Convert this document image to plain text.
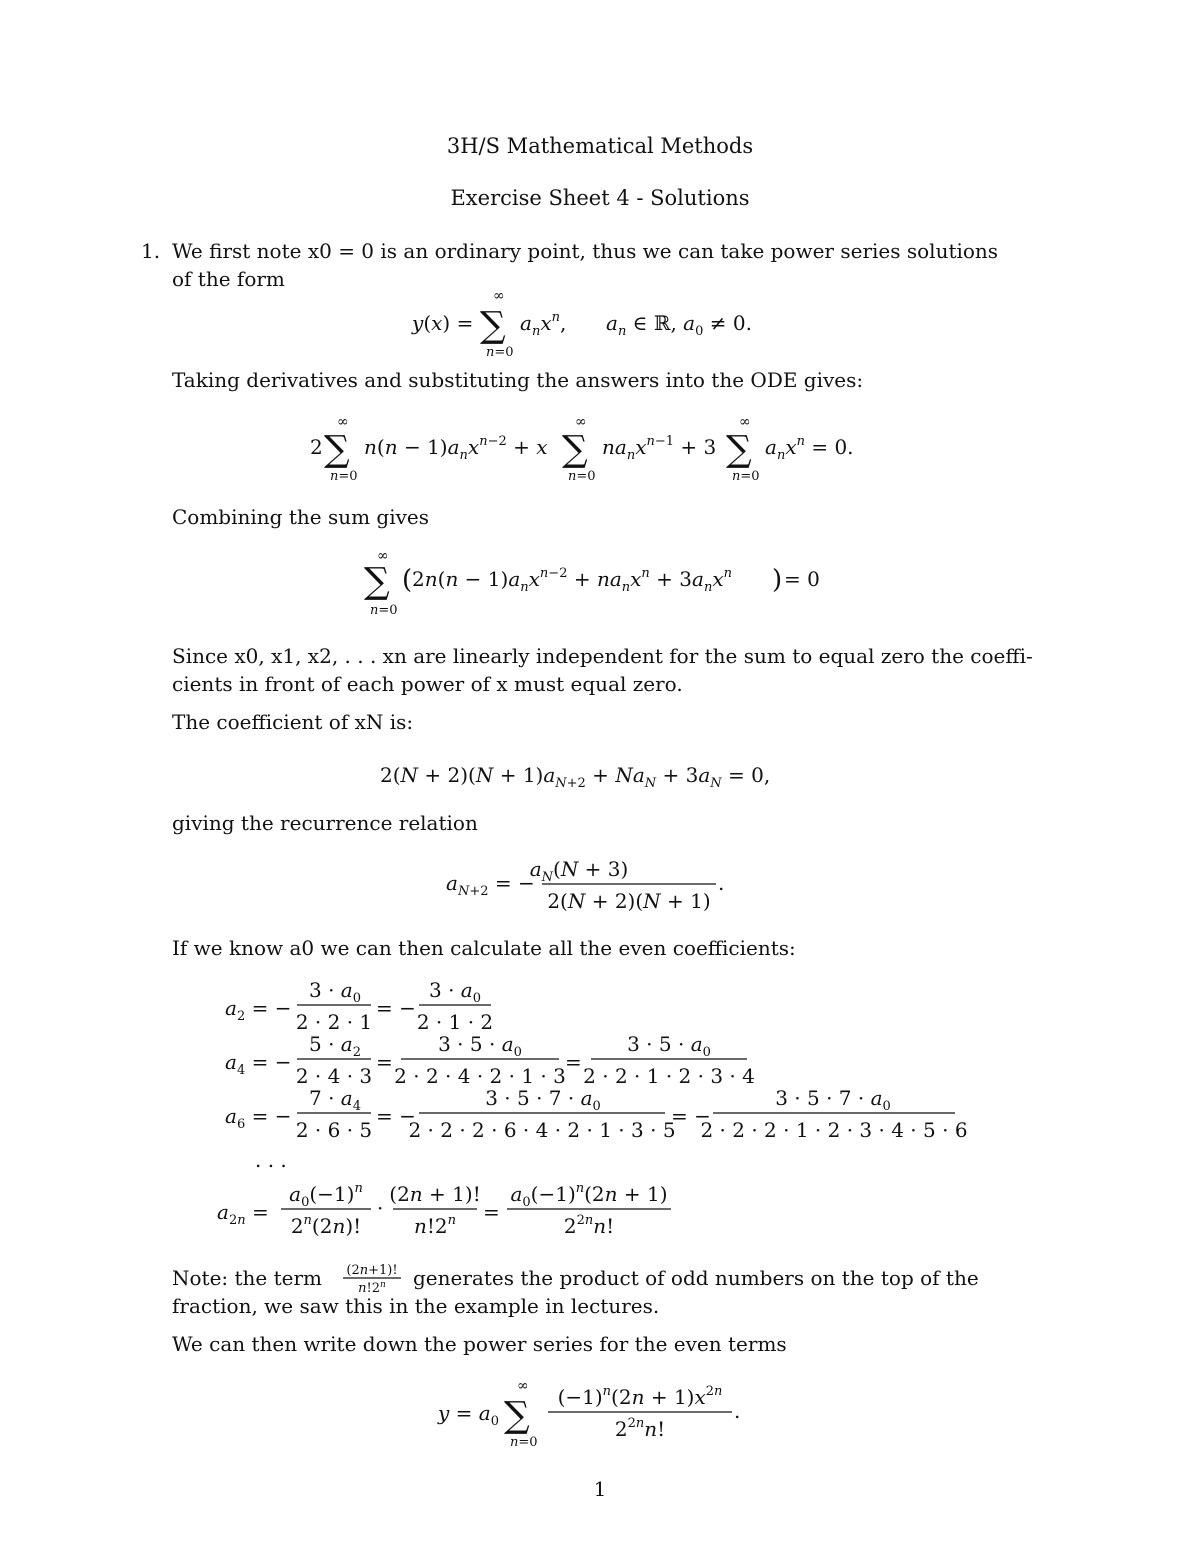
3H/S Mathematical Methods
Exercise Sheet 4 - Solutions
1. We first note x0 = 0 is an ordinary point, thus we can take power series solutions
of the form
y(x) = ∑
∞
n=0
$a_nx^n$, $a_n$ ∈ ℝ, $a_0 \ne 0$.
Taking derivatives and substituting the answers into the ODE gives:
2 ∑
∞
n=0
$n(n - 1)a_nx^{n-2} + x$ ∑
∞
n=0
$na_nx^{n-1} + 3$ ∑
∞
n=0
$a_nx^n = 0$.
Combining the sum gives
∑
∞
n=0
( $2n(n - 1)a_nx^{n-2} + na_nx^n + 3a_nx^n$ ) = 0
Since x0, x1, x2, . . . xn are linearly independent for the sum to equal zero the coeffi-
cients in front of each power of x must equal zero.
The coefficient of xN is:
$2(N + 2)(N + 1)a_{N+2} + Na_N + 3a_N = 0$,
giving the recurrence relation
$a_{N+2}$ = −
$a_N(N + 3)$
2(N + 2)(N + 1)
.
If we know a0 we can then calculate all the even coefficients:
$a_2$ = −
$3 \cdot a_0$
2 · 2 · 1
= −
$3 \cdot a_0$
2 · 1 · 2
$a_4$ = −
$5 \cdot a_2$
2 · 4 · 3
=
$3 \cdot 5 \cdot a_0$
2 · 2 · 4 · 2 · 1 · 3
=
$3 \cdot 5 \cdot a_0$
2 · 2 · 1 · 2 · 3 · 4
$a_6$ = −
$7 \cdot a_4$
2 · 6 · 5
= −
$3 \cdot 5 \cdot 7 \cdot a_0$
2 · 2 · 2 · 6 · 4 · 2 · 1 · 3 · 5
= −
$3 \cdot 5 \cdot 7 \cdot a_0$
2 · 2 · 2 · 1 · 2 · 3 · 4 · 5 · 6
. . .
$a_{2n}$ =
$a_0(-1)^n$
$2^n(2n)$!
·
(2n + 1)!
$n!2^n$ =
$a_0(-1)^n(2n + 1)$
$2^{2n}n$!
Note: the term (2n+1)!
n!2$^n$ generates the product of odd numbers on the top of the
fraction, we saw this in the example in lectures.
We can then write down the power series for the even terms
$y = a_0$ ∑
∞
n=0
$(-1)^n(2n + 1)x^{2n}$
$2^{2n}n$!
.
1
